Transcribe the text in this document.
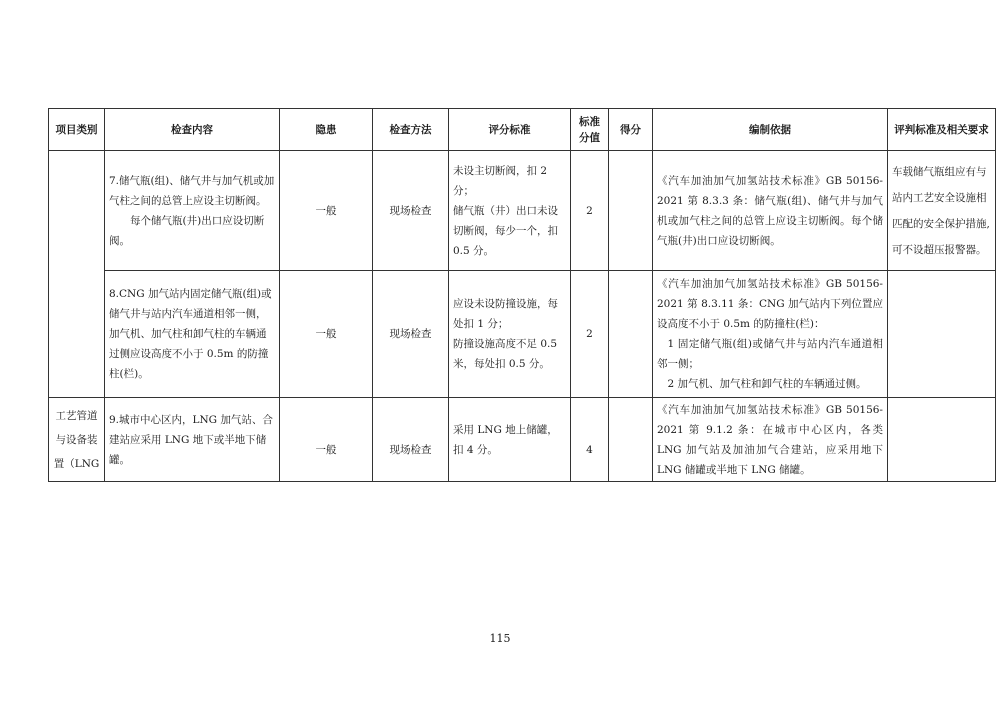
项目类别	检查内容	隐患	检查方法	评分标准	标准分值	得分	编制依据	评判标准及相关要求

	7.储气瓶(组)、储气井与加气机或加气柱之间的总管上应设主切断阀。
每个储气瓶(井)出口应设切断阀。	一般	现场检查	未设主切断阀，扣 2 分；
储气瓶（井）出口未设切断阀，每少一个，扣 0.5 分。	2		《汽车加油加气加氢站技术标准》GB 50156-2021 第 8.3.3 条：储气瓶(组)、储气井与加气机或加气柱之间的总管上应设主切断阀。每个储气瓶(井)出口应设切断阀。	车载储气瓶组应有与站内工艺安全设施相匹配的安全保护措施,可不设超压报警器。

	8.CNG 加气站内固定储气瓶(组)或储气井与站内汽车通道相邻一侧，加气机、加气柱和卸气柱的车辆通过侧应设高度不小于 0.5m 的防撞柱(栏)。	一般	现场检查	应设未设防撞设施，每处扣 1 分；
防撞设施高度不足 0.5 米，每处扣 0.5 分。	2		《汽车加油加气加氢站技术标准》GB 50156-2021 第 8.3.11 条：CNG 加气站内下列位置应设高度不小于 0.5m 的防撞柱(栏)：
1 固定储气瓶(组)或储气井与站内汽车通道相邻一侧；
2 加气机、加气柱和卸气柱的车辆通过侧。	

工艺管道与设备装置（LNG	9.城市中心区内，LNG 加气站、合建站应采用 LNG 地下或半地下储罐。	一般	现场检查	采用 LNG 地上储罐，扣 4 分。	4		《汽车加油加气加氢站技术标准》GB 50156-2021 第 9.1.2 条：在城市中心区内，各类 LNG 加气站及加油加气合建站，应采用地下 LNG 储罐或半地下 LNG 储罐。	

115
